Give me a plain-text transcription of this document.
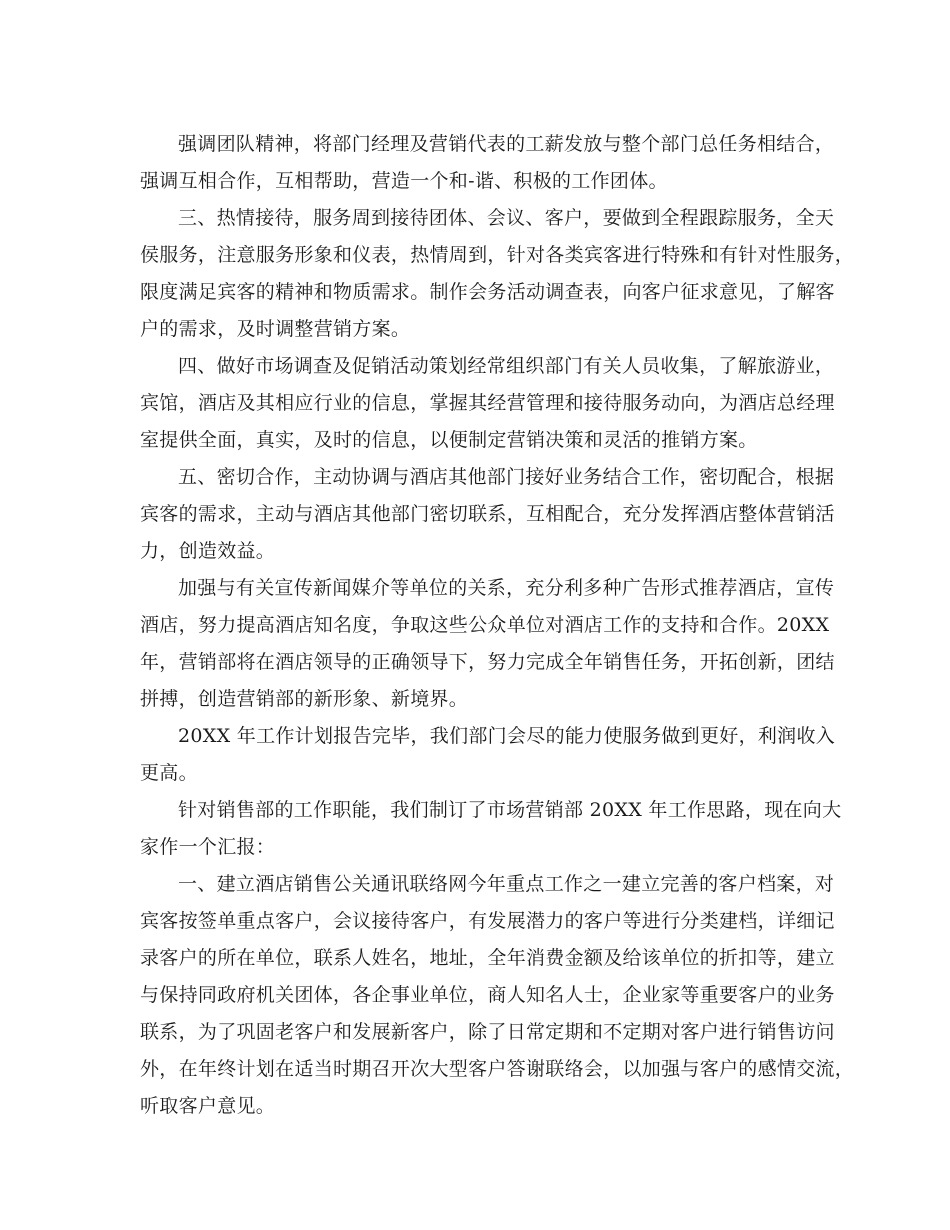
强调团队精神，将部门经理及营销代表的工薪发放与整个部门总任务相结合，
强调互相合作，互相帮助，营造一个和-谐、积极的工作团体。

三、热情接待，服务周到接待团体、会议、客户，要做到全程跟踪服务，全天
侯服务，注意服务形象和仪表，热情周到，针对各类宾客进行特殊和有针对性服务，
限度满足宾客的精神和物质需求。制作会务活动调查表，向客户征求意见，了解客
户的需求，及时调整营销方案。

四、做好市场调查及促销活动策划经常组织部门有关人员收集，了解旅游业，
宾馆，酒店及其相应行业的信息，掌握其经营管理和接待服务动向，为酒店总经理
室提供全面，真实，及时的信息，以便制定营销决策和灵活的推销方案。

五、密切合作，主动协调与酒店其他部门接好业务结合工作，密切配合，根据
宾客的需求，主动与酒店其他部门密切联系，互相配合，充分发挥酒店整体营销活
力，创造效益。

加强与有关宣传新闻媒介等单位的关系，充分利多种广告形式推荐酒店，宣传
酒店，努力提高酒店知名度，争取这些公众单位对酒店工作的支持和合作。20XX
年，营销部将在酒店领导的正确领导下，努力完成全年销售任务，开拓创新，团结
拼搏，创造营销部的新形象、新境界。

20XX 年工作计划报告完毕，我们部门会尽的能力使服务做到更好，利润收入
更高。

针对销售部的工作职能，我们制订了市场营销部 20XX 年工作思路，现在向大
家作一个汇报：

一、建立酒店销售公关通讯联络网今年重点工作之一建立完善的客户档案，对
宾客按签单重点客户，会议接待客户，有发展潜力的客户等进行分类建档，详细记
录客户的所在单位，联系人姓名，地址，全年消费金额及给该单位的折扣等，建立
与保持同政府机关团体，各企事业单位，商人知名人士，企业家等重要客户的业务
联系，为了巩固老客户和发展新客户，除了日常定期和不定期对客户进行销售访问
外，在年终计划在适当时期召开次大型客户答谢联络会，以加强与客户的感情交流，
听取客户意见。
